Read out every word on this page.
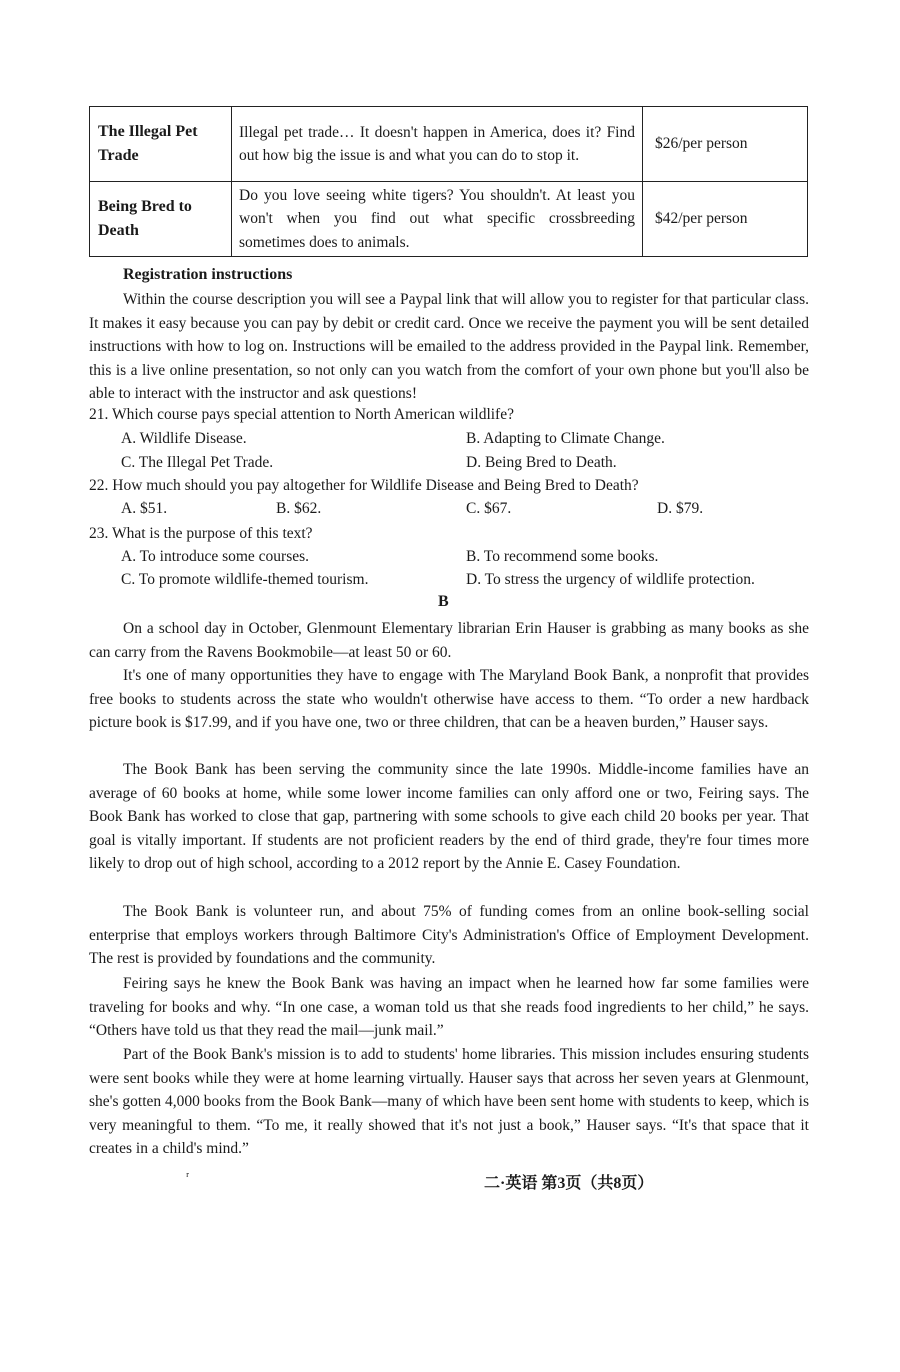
The Illegal Pet Trade	Illegal pet trade… It doesn't happen in America, does it? Find out how big the issue is and what you can do to stop it.	$26/per person
Being Bred to Death	Do you love seeing white tigers? You shouldn't. At least you won't when you find out what specific crossbreeding sometimes does to animals.	$42/per person
Registration instructions

Within the course description you will see a Paypal link that will allow you to register for that particular class. It makes it easy because you can pay by debit or credit card. Once we receive the payment you will be sent detailed instructions with how to log on. Instructions will be emailed to the address provided in the Paypal link. Remember, this is a live online presentation, so not only can you watch from the comfort of your own phone but you'll also be able to interact with the instructor and ask questions!

21. Which course pays special attention to North American wildlife?
A. Wildlife Disease.	B. Adapting to Climate Change.
C. The Illegal Pet Trade.	D. Being Bred to Death.
22. How much should you pay altogether for Wildlife Disease and Being Bred to Death?
A. $51.	B. $62.	C. $67.	D. $79.
23. What is the purpose of this text?
A. To introduce some courses.	B. To recommend some books.
C. To promote wildlife-themed tourism.	D. To stress the urgency of wildlife protection.
B

On a school day in October, Glenmount Elementary librarian Erin Hauser is grabbing as many books as she can carry from the Ravens Bookmobile—at least 50 or 60.

It's one of many opportunities they have to engage with The Maryland Book Bank, a nonprofit that provides free books to students across the state who wouldn't otherwise have access to them. “To order a new hardback picture book is $17.99, and if you have one, two or three children, that can be a heaven burden,” Hauser says.

The Book Bank has been serving the community since the late 1990s. Middle-income families have an average of 60 books at home, while some lower income families can only afford one or two, Feiring says. The Book Bank has worked to close that gap, partnering with some schools to give each child 20 books per year. That goal is vitally important. If students are not proficient readers by the end of third grade, they're four times more likely to drop out of high school, according to a 2012 report by the Annie E. Casey Foundation.

The Book Bank is volunteer run, and about 75% of funding comes from an online book-selling social enterprise that employs workers through Baltimore City's Administration's Office of Employment Development. The rest is provided by foundations and the community.

Feiring says he knew the Book Bank was having an impact when he learned how far some families were traveling for books and why. “In one case, a woman told us that she reads food ingredients to her child,” he says. “Others have told us that they read the mail—junk mail.”

Part of the Book Bank's mission is to add to students' home libraries. This mission includes ensuring students were sent books while they were at home learning virtually. Hauser says that across her seven years at Glenmount, she's gotten 4,000 books from the Book Bank—many of which have been sent home with students to keep, which is very meaningful to them. “To me, it really showed that it's not just a book,” Hauser says. “It's that space that it creates in a child's mind.”

ʳ	二·英语 第3页（共8页）
